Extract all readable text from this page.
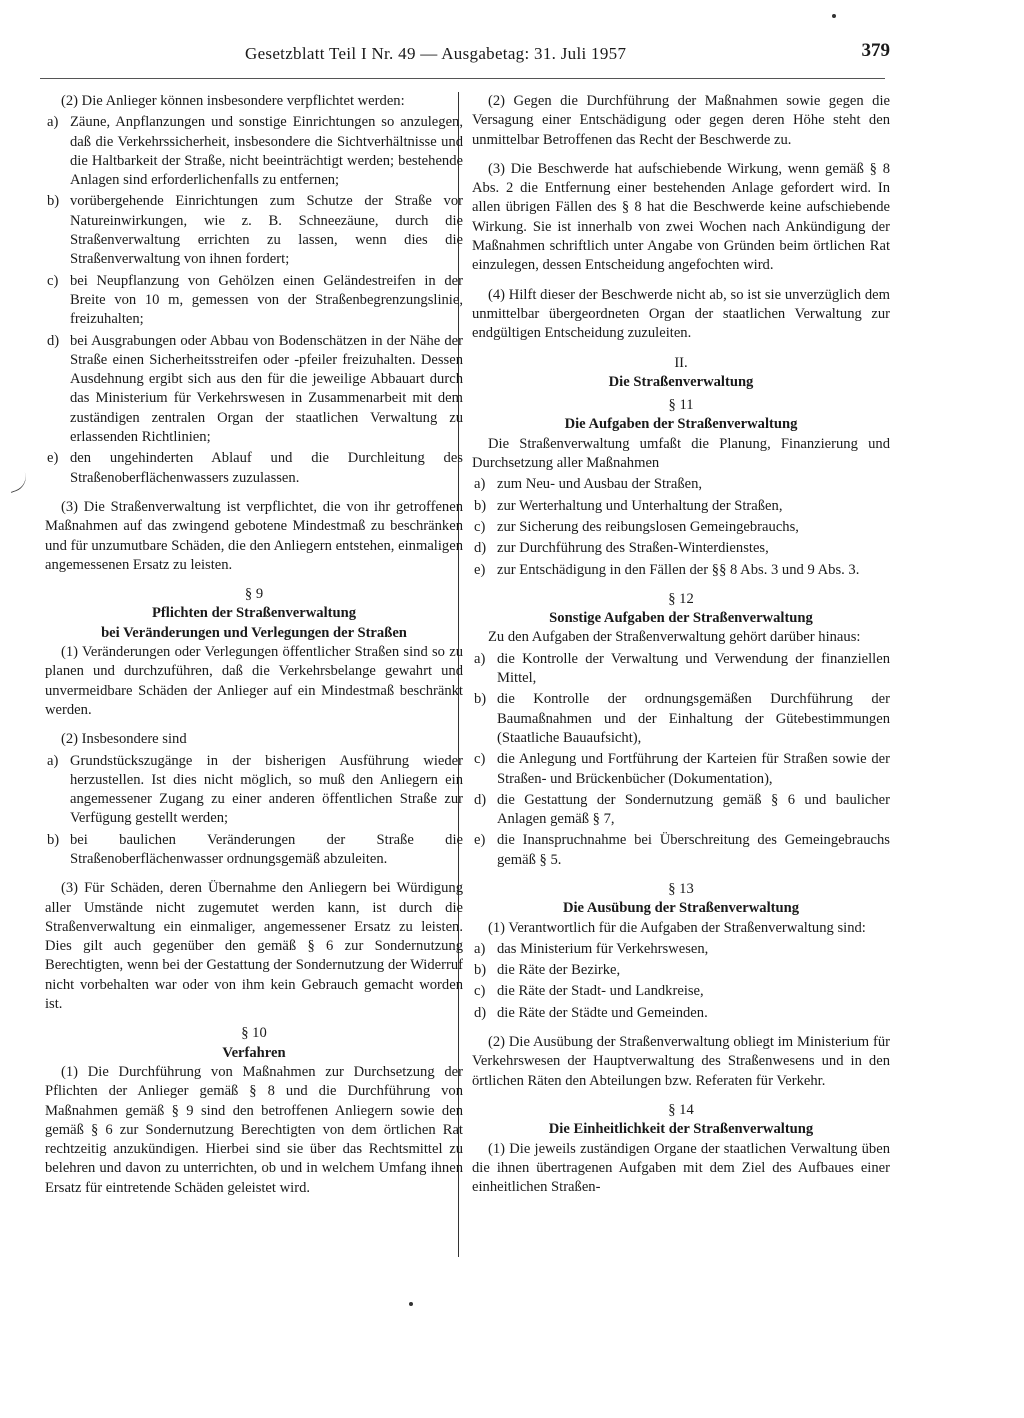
Gesetzblatt Teil I Nr. 49 — Ausgabetag: 31. Juli 1957	379

(2) Die Anlieger können insbesondere verpflichtet werden:

a) Zäune, Anpflanzungen und sonstige Einrichtungen so anzulegen, daß die Verkehrssicherheit, insbesondere die Sichtverhältnisse und die Haltbarkeit der Straße, nicht beeinträchtigt werden; bestehende Anlagen sind erforderlichenfalls zu entfernen;
b) vorübergehende Einrichtungen zum Schutze der Straße vor Natureinwirkungen, wie z. B. Schneezäune, durch die Straßenverwaltung errichten zu lassen, wenn dies die Straßenverwaltung von ihnen fordert;
c) bei Neupflanzung von Gehölzen einen Geländestreifen in der Breite von 10 m, gemessen von der Straßenbegrenzungslinie, freizuhalten;
d) bei Ausgrabungen oder Abbau von Bodenschätzen in der Nähe der Straße einen Sicherheitsstreifen oder -pfeiler freizuhalten. Dessen Ausdehnung ergibt sich aus den für die jeweilige Abbauart durch das Ministerium für Verkehrswesen in Zusammenarbeit mit dem zuständigen zentralen Organ der staatlichen Verwaltung zu erlassenden Richtlinien;
e) den ungehinderten Ablauf und die Durchleitung des Straßenoberflächenwassers zuzulassen.

(3) Die Straßenverwaltung ist verpflichtet, die von ihr getroffenen Maßnahmen auf das zwingend gebotene Mindestmaß zu beschränken und für unzumutbare Schäden, die den Anliegern entstehen, einmaligen angemessenen Ersatz zu leisten.

§ 9

Pflichten der Straßenverwaltung

bei Veränderungen und Verlegungen der Straßen

(1) Veränderungen oder Verlegungen öffentlicher Straßen sind so zu planen und durchzuführen, daß die Verkehrsbelange gewahrt und unvermeidbare Schäden der Anlieger auf ein Mindestmaß beschränkt werden.

(2) Insbesondere sind

a) Grundstückszugänge in der bisherigen Ausführung wieder herzustellen. Ist dies nicht möglich, so muß den Anliegern ein angemessener Zugang zu einer anderen öffentlichen Straße zur Verfügung gestellt werden;
b) bei baulichen Veränderungen der Straße die Straßenoberflächenwasser ordnungsgemäß abzuleiten.

(3) Für Schäden, deren Übernahme den Anliegern bei Würdigung aller Umstände nicht zugemutet werden kann, ist durch die Straßenverwaltung ein einmaliger, angemessener Ersatz zu leisten. Dies gilt auch gegenüber den gemäß § 6 zur Sondernutzung Berechtigten, wenn bei der Gestattung der Sondernutzung der Widerruf nicht vorbehalten war oder von ihm kein Gebrauch gemacht worden ist.

§ 10

Verfahren

(1) Die Durchführung von Maßnahmen zur Durchsetzung der Pflichten der Anlieger gemäß § 8 und die Durchführung von Maßnahmen gemäß § 9 sind den betroffenen Anliegern sowie den gemäß § 6 zur Sondernutzung Berechtigten von dem örtlichen Rat rechtzeitig anzukündigen. Hierbei sind sie über das Rechtsmittel zu belehren und davon zu unterrichten, ob und in welchem Umfang ihnen Ersatz für eintretende Schäden geleistet wird.

(2) Gegen die Durchführung der Maßnahmen sowie gegen die Versagung einer Entschädigung oder gegen deren Höhe steht den unmittelbar Betroffenen das Recht der Beschwerde zu.

(3) Die Beschwerde hat aufschiebende Wirkung, wenn gemäß § 8 Abs. 2 die Entfernung einer bestehenden Anlage gefordert wird. In allen übrigen Fällen des § 8 hat die Beschwerde keine aufschiebende Wirkung. Sie ist innerhalb von zwei Wochen nach Ankündigung der Maßnahmen schriftlich unter Angabe von Gründen beim örtlichen Rat einzulegen, dessen Entscheidung angefochten wird.

(4) Hilft dieser der Beschwerde nicht ab, so ist sie unverzüglich dem unmittelbar übergeordneten Organ der staatlichen Verwaltung zur endgültigen Entscheidung zuzuleiten.

II.

Die Straßenverwaltung

§ 11

Die Aufgaben der Straßenverwaltung

Die Straßenverwaltung umfaßt die Planung, Finanzierung und Durchsetzung aller Maßnahmen

a) zum Neu- und Ausbau der Straßen,
b) zur Werterhaltung und Unterhaltung der Straßen,
c) zur Sicherung des reibungslosen Gemeingebrauchs,
d) zur Durchführung des Straßen-Winterdienstes,
e) zur Entschädigung in den Fällen der §§ 8 Abs. 3 und 9 Abs. 3.

§ 12

Sonstige Aufgaben der Straßenverwaltung

Zu den Aufgaben der Straßenverwaltung gehört darüber hinaus:

a) die Kontrolle der Verwaltung und Verwendung der finanziellen Mittel,
b) die Kontrolle der ordnungsgemäßen Durchführung der Baumaßnahmen und der Einhaltung der Gütebestimmungen (Staatliche Bauaufsicht),
c) die Anlegung und Fortführung der Karteien für Straßen sowie der Straßen- und Brückenbücher (Dokumentation),
d) die Gestattung der Sondernutzung gemäß § 6 und baulicher Anlagen gemäß § 7,
e) die Inanspruchnahme bei Überschreitung des Gemeingebrauchs gemäß § 5.

§ 13

Die Ausübung der Straßenverwaltung

(1) Verantwortlich für die Aufgaben der Straßenverwaltung sind:

a) das Ministerium für Verkehrswesen,
b) die Räte der Bezirke,
c) die Räte der Stadt- und Landkreise,
d) die Räte der Städte und Gemeinden.

(2) Die Ausübung der Straßenverwaltung obliegt im Ministerium für Verkehrswesen der Hauptverwaltung des Straßenwesens und in den örtlichen Räten den Abteilungen bzw. Referaten für Verkehr.

§ 14

Die Einheitlichkeit der Straßenverwaltung

(1) Die jeweils zuständigen Organe der staatlichen Verwaltung üben die ihnen übertragenen Aufgaben mit dem Ziel des Aufbaues einer einheitlichen Straßen-
